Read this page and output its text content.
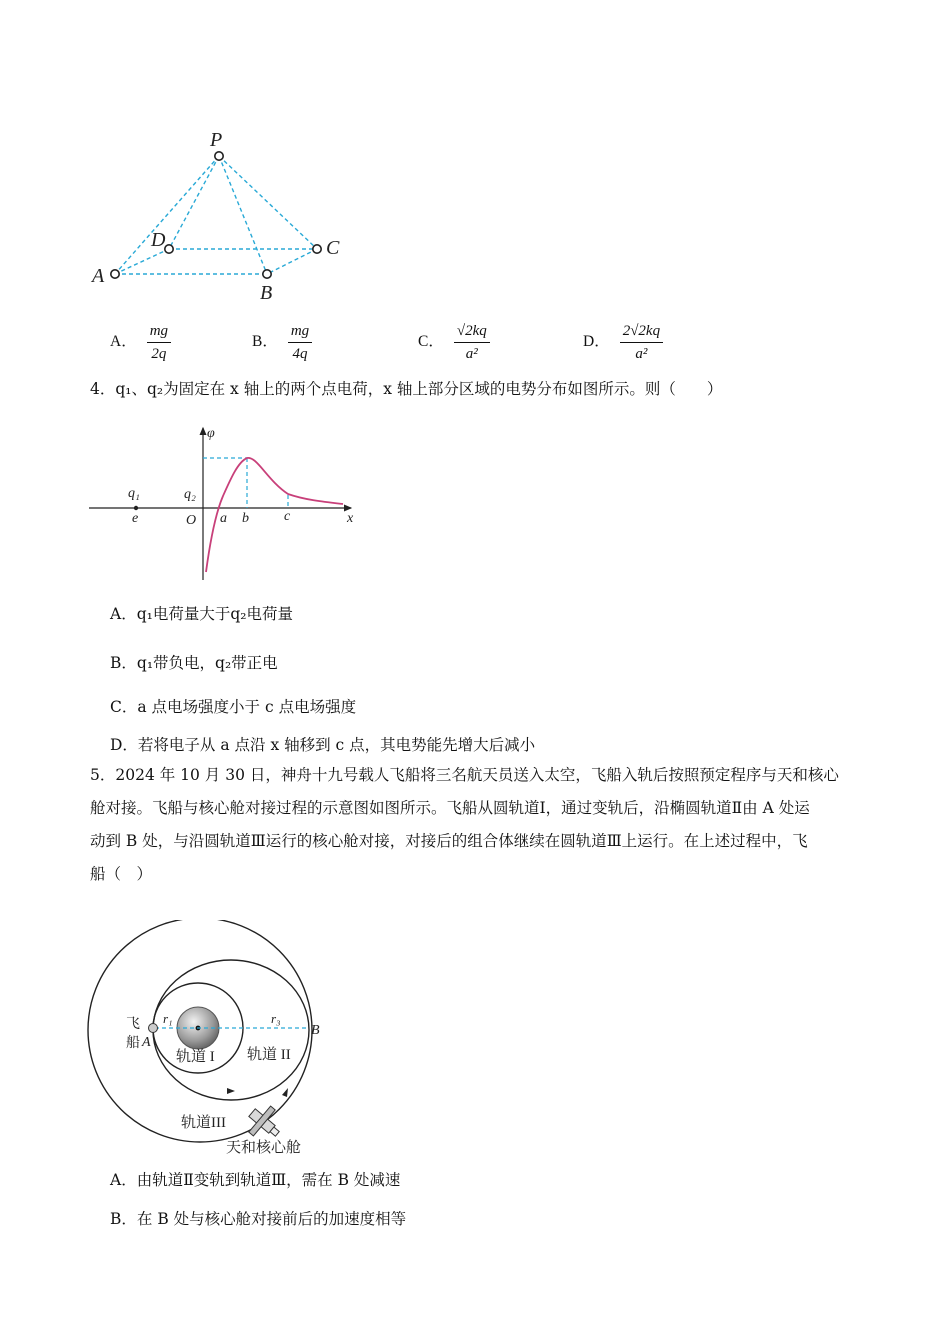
P
D	C
A
B
A． $\frac{mg}{2q}$	B． $\frac{mg}{4q}$	C． $\frac{√2kq}{\text{a²}}$	D． $\frac{2√2kq}{\text{a²}}$
4．q₁、q₂为固定在 x 轴上的两个点电荷，x 轴上部分区域的电势分布如图所示。则（　　）
φ
x
O
q₁	q₂
e	a b	c
A．q₁电荷量大于q₂电荷量
B．q₁带负电，q₂带正电
C．a 点电场强度小于 c 点电场强度
D．若将电子从 a 点沿 x 轴移到 c 点，其电势能先增大后减小
5．2024 年 10 月 30 日，神舟十九号载人飞船将三名航天员送入太空，飞船入轨后按照预定程序与天和核心
舱对接。飞船与核心舱对接过程的示意图如图所示。飞船从圆轨道Ⅰ，通过变轨后，沿椭圆轨道Ⅱ由 A 处运
动到 B 处，与沿圆轨道Ⅲ运行的核心舱对接，对接后的组合体继续在圆轨道Ⅲ上运行。在上述过程中，飞
船（　）
飞
船 A
B
r₁	r₃
轨道 I 轨道 II
轨道III
天和核心舱
A．由轨道Ⅱ变轨到轨道Ⅲ，需在 B 处减速
B．在 B 处与核心舱对接前后的加速度相等
